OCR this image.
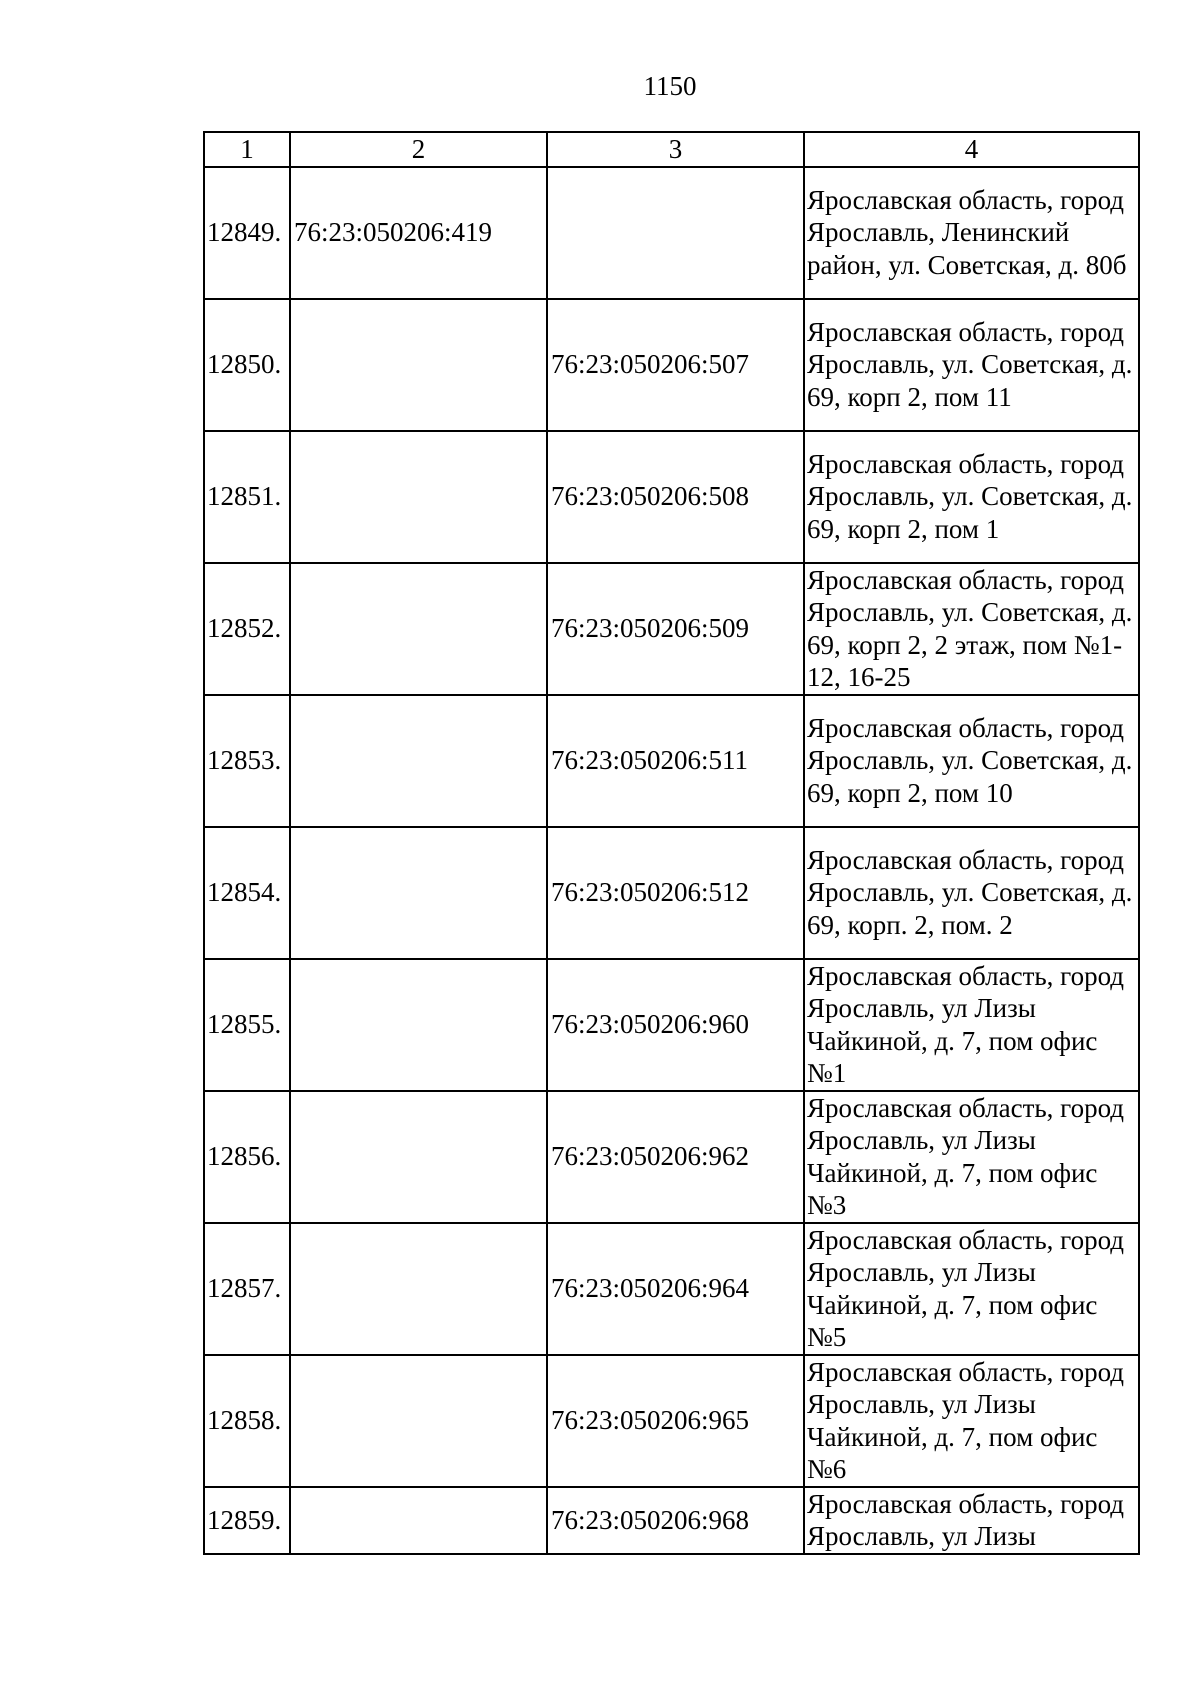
1150
1	2	3	4
12849.	76:23:050206:419		Ярославская область, город Ярославль, Ленинский район, ул. Советская, д. 80б
12850.		76:23:050206:507	Ярославская область, город Ярославль, ул. Советская, д. 69, корп 2, пом 11
12851.		76:23:050206:508	Ярославская область, город Ярославль, ул. Советская, д. 69, корп 2, пом 1
12852.		76:23:050206:509	Ярославская область, город Ярославль, ул. Советская, д. 69, корп 2, 2 этаж, пом №1-12, 16-25
12853.		76:23:050206:511	Ярославская область, город Ярославль, ул. Советская, д. 69, корп 2, пом 10
12854.		76:23:050206:512	Ярославская область, город Ярославль, ул. Советская, д. 69, корп. 2, пом. 2
12855.		76:23:050206:960	Ярославская область, город Ярославль, ул Лизы Чайкиной, д. 7, пом офис №1
12856.		76:23:050206:962	Ярославская область, город Ярославль, ул Лизы Чайкиной, д. 7, пом офис №3
12857.		76:23:050206:964	Ярославская область, город Ярославль, ул Лизы Чайкиной, д. 7, пом офис №5
12858.		76:23:050206:965	Ярославская область, город Ярославль, ул Лизы Чайкиной, д. 7, пом офис №6
12859.		76:23:050206:968	Ярославская область, город Ярославль, ул Лизы
